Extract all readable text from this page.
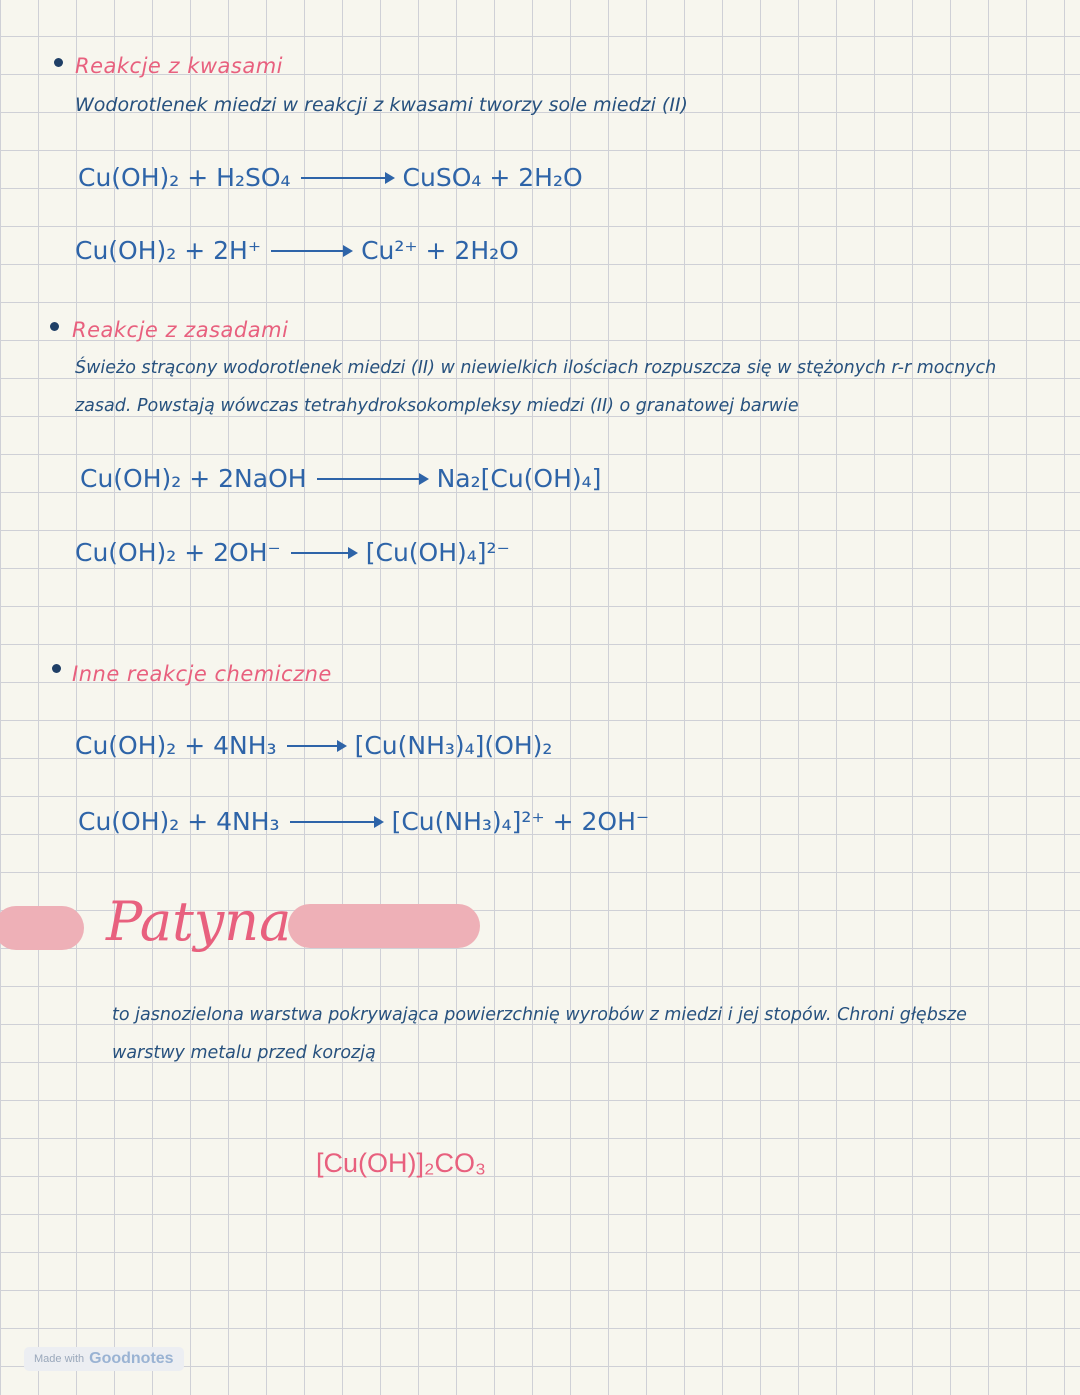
Reakcje z kwasami
Wodorotlenek miedzi w reakcji z kwasami tworzy sole miedzi (II)
Cu(OH)₂ + H₂SO₄ → CuSO₄ + 2H₂O
Cu(OH)₂ + 2H⁺ → Cu²⁺ + 2H₂O
Reakcje z zasadami
Świeżo strącony wodorotlenek miedzi (II) w niewielkich ilościach rozpuszcza się w stężonych r-r mocnych
zasad. Powstają wówczas tetrahydroksokompleksy miedzi (II) o granatowej barwie
Cu(OH)₂ + 2NaOH	Na₂[Cu(OH)₄]
Cu(OH)₂ + 2OH⁻ → [Cu(OH)₄]²⁻
Inne reakcje chemiczne
Cu(OH)₂ + 4NH₃ → [Cu(NH₃)₄](OH)₂
Cu(OH)₂ + 4NH₃ → [Cu(NH₃)₄]²⁺ + 2OH⁻
Patyna
to jasnozielona warstwa pokrywająca powierzchnię wyrobów z miedzi i jej stopów. Chroni głębsze
warstwy metalu przed korozją
[Cu(OH)]₂CO₃
Made with Goodnotes
